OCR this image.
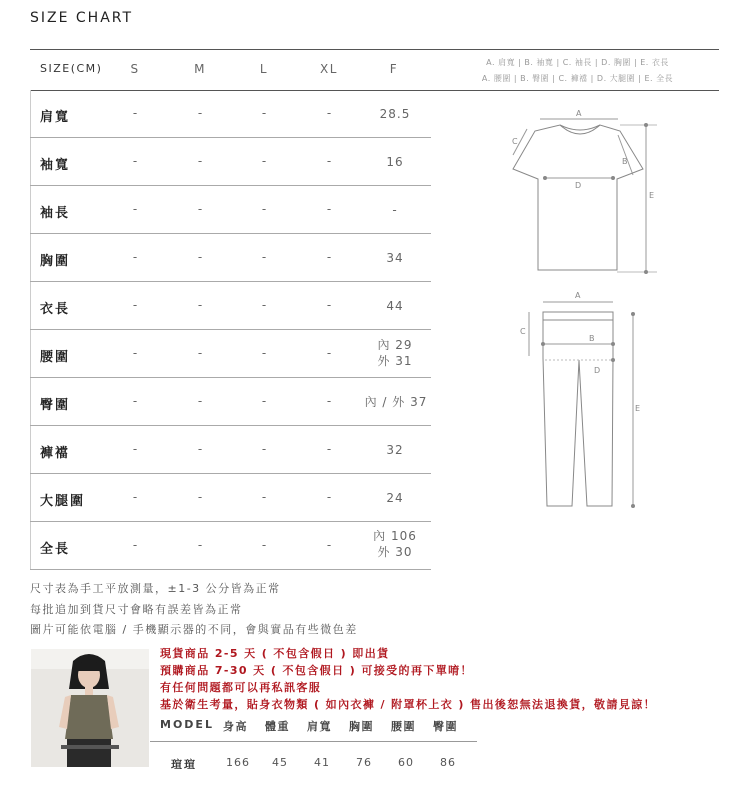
SIZE CHART
SIZE(CM)	S	M	L	XL	F	A. 肩寬 | B. 袖寬 | C. 袖長 | D. 胸圍 | E. 衣長
A. 腰圍 | B. 臀圍 | C. 褲襠 | D. 大腿圍 | E. 全長
肩寬	-	-	-	-	28.5
袖寬	-	-	-	-	16
袖長	-	-	-	-	-
胸圍	-	-	-	-	34
衣長	-	-	-	-	44
腰圍	-	-	-	-
內 29
外 31
臀圍	-	-	-	-	內 / 外 37
褲襠	-	-	-	-	32
大腿圍	-	-	-	-	24
全長	-	-	-	-
內 106
外 30
A
B
C
D
E
A
B
C
D
E
尺寸表為手工平放測量，±1-3 公分皆為正常
每批追加到貨尺寸會略有誤差皆為正常
圖片可能依電腦 / 手機顯示器的不同，會與實品有些微色差
現貨商品 2-5 天 ( 不包含假日 ) 即出貨
預購商品 7-30 天 ( 不包含假日 ) 可接受的再下單唷！
有任何問題都可以再私訊客服
基於衛生考量，貼身衣物類 ( 如內衣褲 / 附罩杯上衣 ) 售出後恕無法退換貨，敬請見諒！
MODEL 身高 體重 肩寬 胸圍 腰圍 臀圍
瑄瑄	166 45 41 76 60 86
